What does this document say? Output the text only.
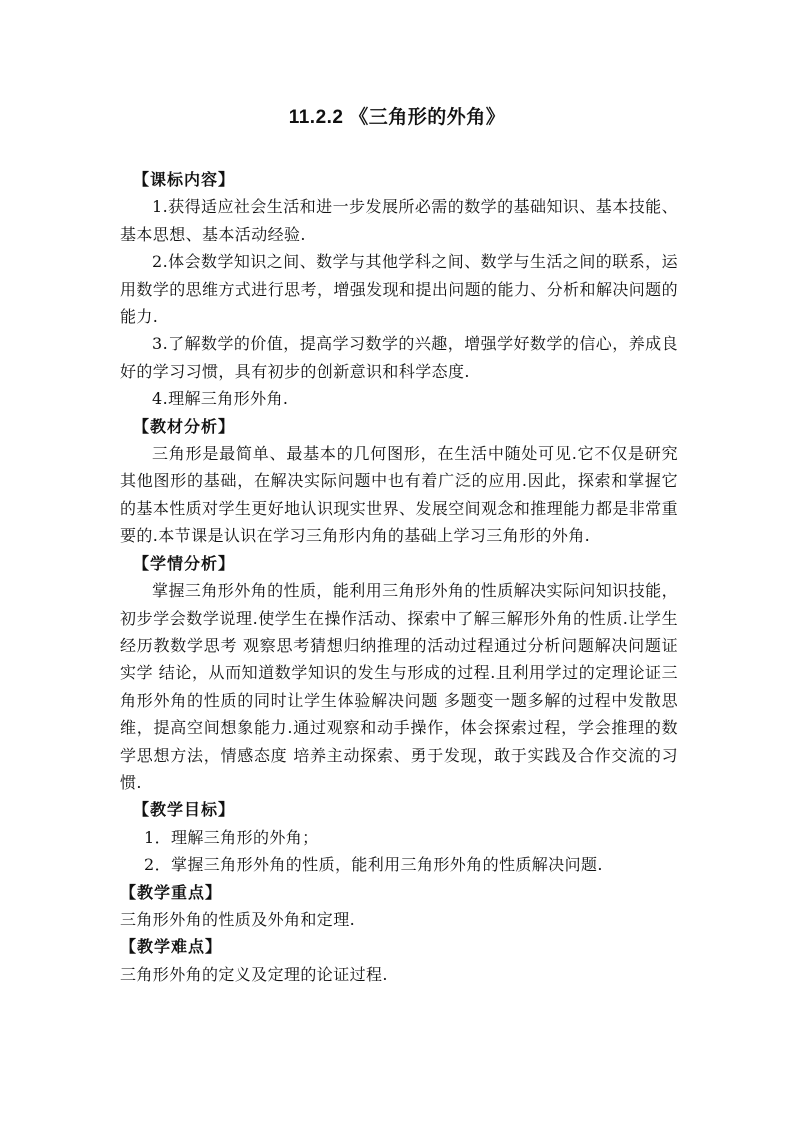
11.2.2 《三角形的外角》

【课标内容】

1.获得适应社会生活和进一步发展所必需的数学的基础知识、基本技能、基本思想、基本活动经验.

2.体会数学知识之间、数学与其他学科之间、数学与生活之间的联系，运用数学的思维方式进行思考，增强发现和提出问题的能力、分析和解决问题的能力.

3.了解数学的价值，提高学习数学的兴趣，增强学好数学的信心，养成良好的学习习惯，具有初步的创新意识和科学态度.

4.理解三角形外角.

【教材分析】

三角形是最简单、最基本的几何图形，在生活中随处可见.它不仅是研究其他图形的基础，在解决实际问题中也有着广泛的应用.因此，探索和掌握它的基本性质对学生更好地认识现实世界、发展空间观念和推理能力都是非常重要的.本节课是认识在学习三角形内角的基础上学习三角形的外角.

【学情分析】

掌握三角形外角的性质，能利用三角形外角的性质解决实际问知识技能，初步学会数学说理.使学生在操作活动、探索中了解三解形外角的性质.让学生经历教数学思考 观察思考猜想归纳推理的活动过程通过分析问题解决问题证实学 结论，从而知道数学知识的发生与形成的过程.且利用学过的定理论证三角形外角的性质的同时让学生体验解决问题 多题变一题多解的过程中发散思维，提高空间想象能力.通过观察和动手操作，体会探索过程，学会推理的数学思想方法，情感态度 培养主动探索、勇于发现，敢于实践及合作交流的习惯.

【教学目标】

1．理解三角形的外角；

2．掌握三角形外角的性质，能利用三角形外角的性质解决问题.

【教学重点】

三角形外角的性质及外角和定理.

【教学难点】

三角形外角的定义及定理的论证过程.
